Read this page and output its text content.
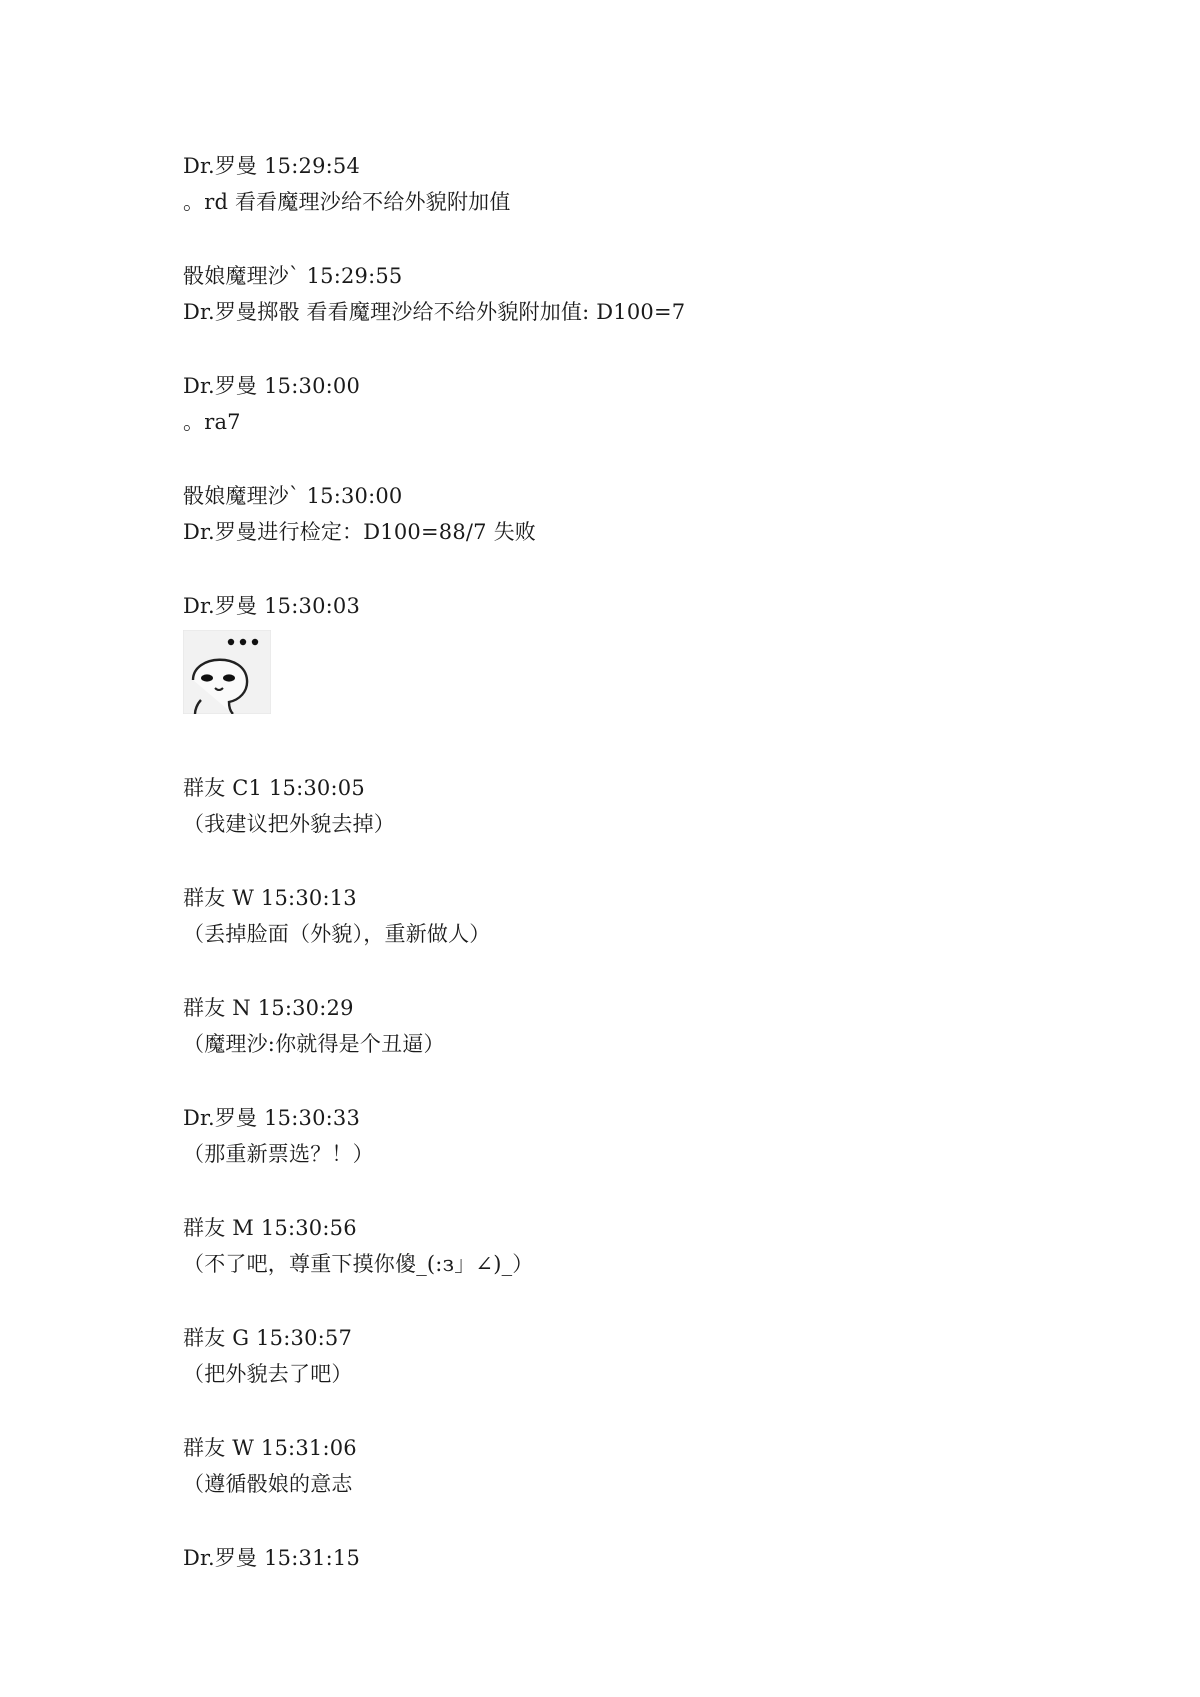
Dr.罗曼 15:29:54
。rd 看看魔理沙给不给外貌附加值
骰娘魔理沙` 15:29:55
Dr.罗曼掷骰 看看魔理沙给不给外貌附加值: D100=7
Dr.罗曼 15:30:00
。ra7
骰娘魔理沙` 15:30:00
Dr.罗曼进行检定：D100=88/7 失败
Dr.罗曼 15:30:03
群友 C1 15:30:05
（我建议把外貌去掉）
群友 W 15:30:13
（丢掉脸面（外貌），重新做人）
群友 N 15:30:29
（魔理沙:你就得是个丑逼）
Dr.罗曼 15:30:33
（那重新票选？！）
群友 M 15:30:56
（不了吧，尊重下摸你傻_(:з」∠)_）
群友 G 15:30:57
（把外貌去了吧）
群友 W 15:31:06
（遵循骰娘的意志
Dr.罗曼 15:31:15
